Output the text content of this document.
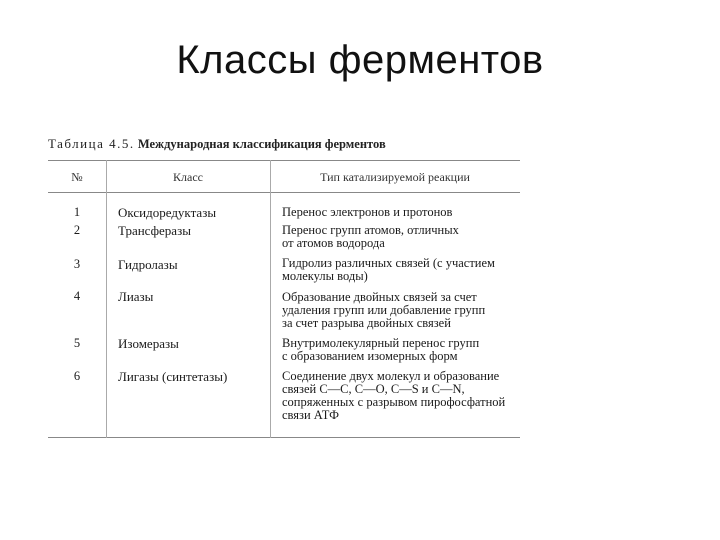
Классы ферментов
Таблица 4.5. Международная классификация ферментов
№	Класс	Тип катализируемой реакции
1	Оксидоредуктазы	Перенос электронов и протонов
2	Трансферазы	Перенос групп атомов, отличных
от атомов водорода
3	Гидролазы	Гидролиз различных связей (с участием
молекулы воды)
4	Лиазы	Образование двойных связей за счет
удаления групп или добавление групп
за счет разрыва двойных связей
5	Изомеразы	Внутримолекулярный перенос групп
с образованием изомерных форм
6	Лигазы (синтетазы)	Соединение двух молекул и образование
связей С—С, С—О, С—S и С—N,
сопряженных с разрывом пирофосфатной
связи АТФ
